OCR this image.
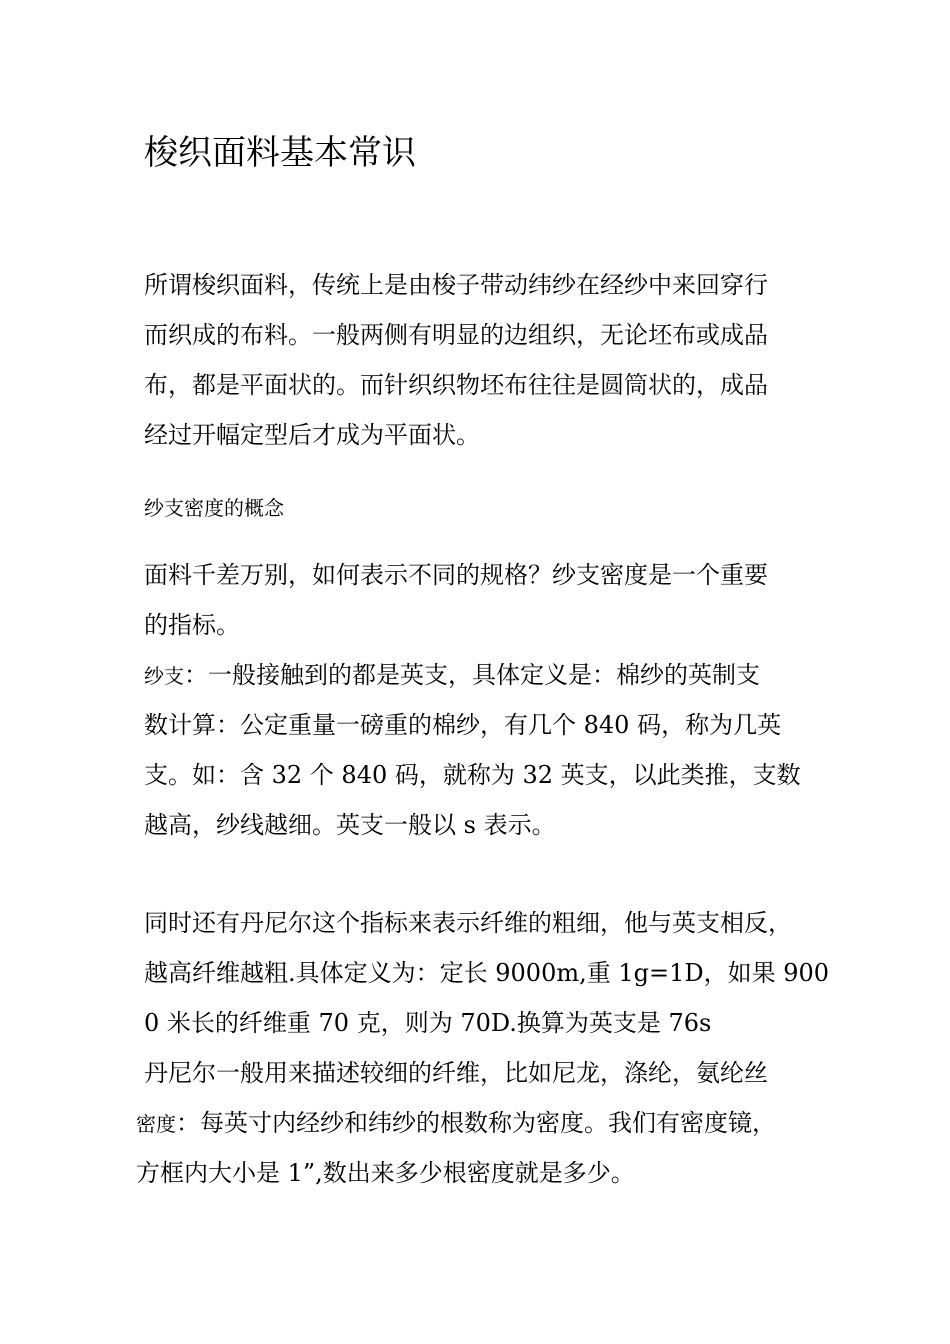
梭织面料基本常识

所谓梭织面料，传统上是由梭子带动纬纱在经纱中来回穿行
而织成的布料。一般两侧有明显的边组织，无论坯布或成品
布，都是平面状的。而针织织物坯布往往是圆筒状的，成品
经过开幅定型后才成为平面状。

纱支密度的概念

面料千差万别，如何表示不同的规格？纱支密度是一个重要
的指标。

纱支：一般接触到的都是英支，具体定义是：棉纱的英制支
数计算：公定重量一磅重的棉纱，有几个 840 码，称为几英
支。如：含 32 个 840 码，就称为 32 英支，以此类推，支数
越高，纱线越细。英支一般以 s 表示。

同时还有丹尼尔这个指标来表示纤维的粗细，他与英支相反，
越高纤维越粗.具体定义为：定长 9000m,重 1g=1D，如果 900
0 米长的纤维重 70 克，则为 70D.换算为英支是 76s
丹尼尔一般用来描述较细的纤维，比如尼龙，涤纶，氨纶丝

密度：每英寸内经纱和纬纱的根数称为密度。我们有密度镜，
方框内大小是 1”,数出来多少根密度就是多少。
